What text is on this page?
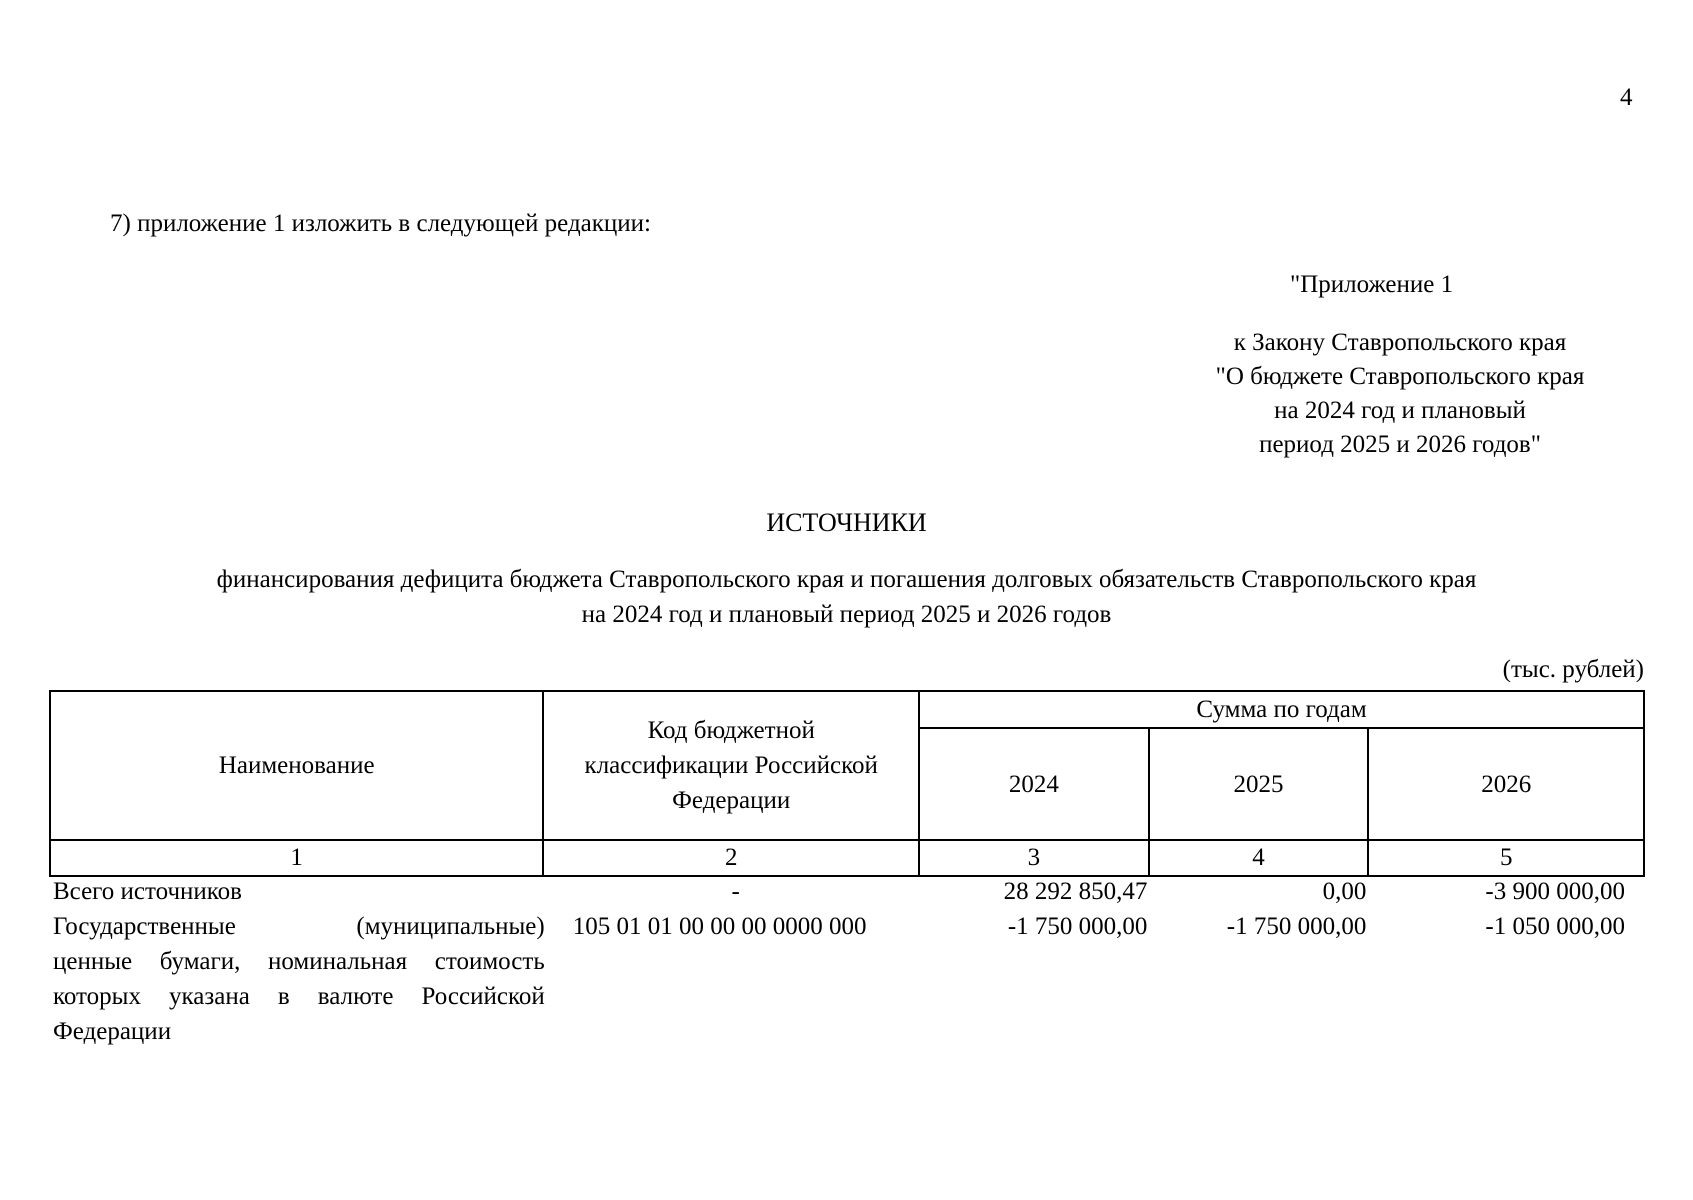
4
7) приложение 1 изложить в следующей редакции:
"Приложение 1
к Закону Ставропольского края
"О бюджете Ставропольского края
на 2024 год и плановый
период 2025 и 2026 годов"
ИСТОЧНИКИ
финансирования дефицита бюджета Ставропольского края и погашения долговых обязательств Ставропольского края
на 2024 год и плановый период 2025 и 2026 годов
(тыс. рублей)
Наименование	Код бюджетной классификации Российской Федерации	Сумма по годам		
		2024	2025	2026
1	2	3	4	5
Всего источников	-	28 292 850,47	0,00	-3 900 000,00

Государственные (муниципальные)
ценные бумаги, номинальная стоимость которых указана в валюте Российской Федерации	105 01 01 00 00 00 0000 000	-1 750 000,00	-1 750 000,00	-1 050 000,00
